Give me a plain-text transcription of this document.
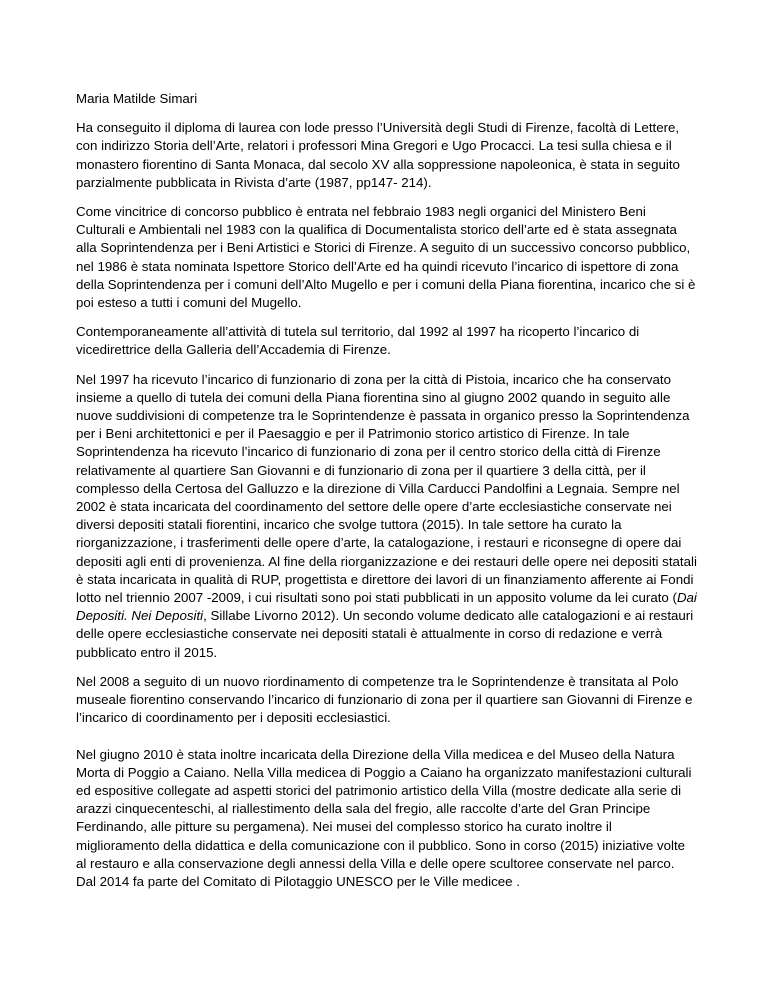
Maria Matilde Simari

Ha conseguito il diploma di laurea con lode presso l’Università degli Studi di Firenze, facoltà di Lettere, con indirizzo Storia dell’Arte, relatori i professori Mina Gregori e Ugo Procacci. La tesi sulla chiesa e il monastero fiorentino di Santa Monaca, dal secolo XV alla soppressione napoleonica, è stata in seguito parzialmente pubblicata in Rivista d’arte (1987, pp147- 214).

Come vincitrice di concorso pubblico è entrata nel febbraio 1983 negli organici del Ministero Beni Culturali e Ambientali nel 1983 con la qualifica di Documentalista storico dell’arte ed è stata assegnata alla Soprintendenza per i Beni Artistici e Storici di Firenze. A seguito di un successivo concorso pubblico, nel 1986 è stata nominata Ispettore Storico dell’Arte ed ha quindi ricevuto l’incarico di ispettore di zona della Soprintendenza per i comuni dell’Alto Mugello e per i comuni della Piana fiorentina, incarico che si è poi esteso a tutti i comuni del Mugello.

Contemporaneamente all’attività di tutela sul territorio, dal 1992 al 1997 ha ricoperto l’incarico di vicedirettrice della Galleria dell’Accademia di Firenze.

Nel 1997 ha ricevuto l’incarico di funzionario di zona per la città di Pistoia, incarico che ha conservato insieme a quello di tutela dei comuni della Piana fiorentina sino al giugno 2002 quando in seguito alle nuove suddivisioni di competenze tra le Soprintendenze è passata in organico presso la Soprintendenza per i Beni architettonici e per il Paesaggio e per il Patrimonio storico artistico di Firenze. In tale Soprintendenza ha ricevuto l’incarico di funzionario di zona per il centro storico della città di Firenze relativamente al quartiere San Giovanni e di funzionario di zona per il quartiere 3 della città, per il complesso della Certosa del Galluzzo e la direzione di Villa Carducci Pandolfini a Legnaia. Sempre nel 2002 è stata incaricata del coordinamento del settore delle opere d’arte ecclesiastiche conservate nei diversi depositi statali fiorentini, incarico che svolge tuttora (2015). In tale settore ha curato la riorganizzazione, i trasferimenti delle opere d’arte, la catalogazione, i restauri e riconsegne di opere dai depositi agli enti di provenienza. Al fine della riorganizzazione e dei restauri delle opere nei depositi statali è stata incaricata in qualità di RUP, progettista e direttore dei lavori di un finanziamento afferente ai Fondi lotto nel triennio 2007 -2009, i cui risultati sono poi stati pubblicati in un apposito volume da lei curato (Dai Depositi. Nei Depositi, Sillabe Livorno 2012). Un secondo volume dedicato alle catalogazioni e ai restauri delle opere ecclesiastiche conservate nei depositi statali è attualmente in corso di redazione e verrà pubblicato entro il 2015.

Nel 2008 a seguito di un nuovo riordinamento di competenze tra le Soprintendenze è transitata al Polo museale fiorentino conservando l’incarico di funzionario di zona per il quartiere san Giovanni di Firenze e l’incarico di coordinamento per i depositi ecclesiastici.

Nel giugno 2010 è stata inoltre incaricata della Direzione della Villa medicea e del Museo della Natura Morta di Poggio a Caiano. Nella Villa medicea di Poggio a Caiano ha organizzato manifestazioni culturali ed espositive collegate ad aspetti storici del patrimonio artistico della Villa (mostre dedicate alla serie di arazzi cinquecenteschi, al riallestimento della sala del fregio, alle raccolte d’arte del Gran Principe Ferdinando, alle pitture su pergamena). Nei musei del complesso storico ha curato inoltre il miglioramento della didattica e della comunicazione con il pubblico. Sono in corso (2015) iniziative volte al restauro e alla conservazione degli annessi della Villa e delle opere scultoree conservate nel parco.

Dal 2014 fa parte del Comitato di Pilotaggio UNESCO per le Ville medicee .
